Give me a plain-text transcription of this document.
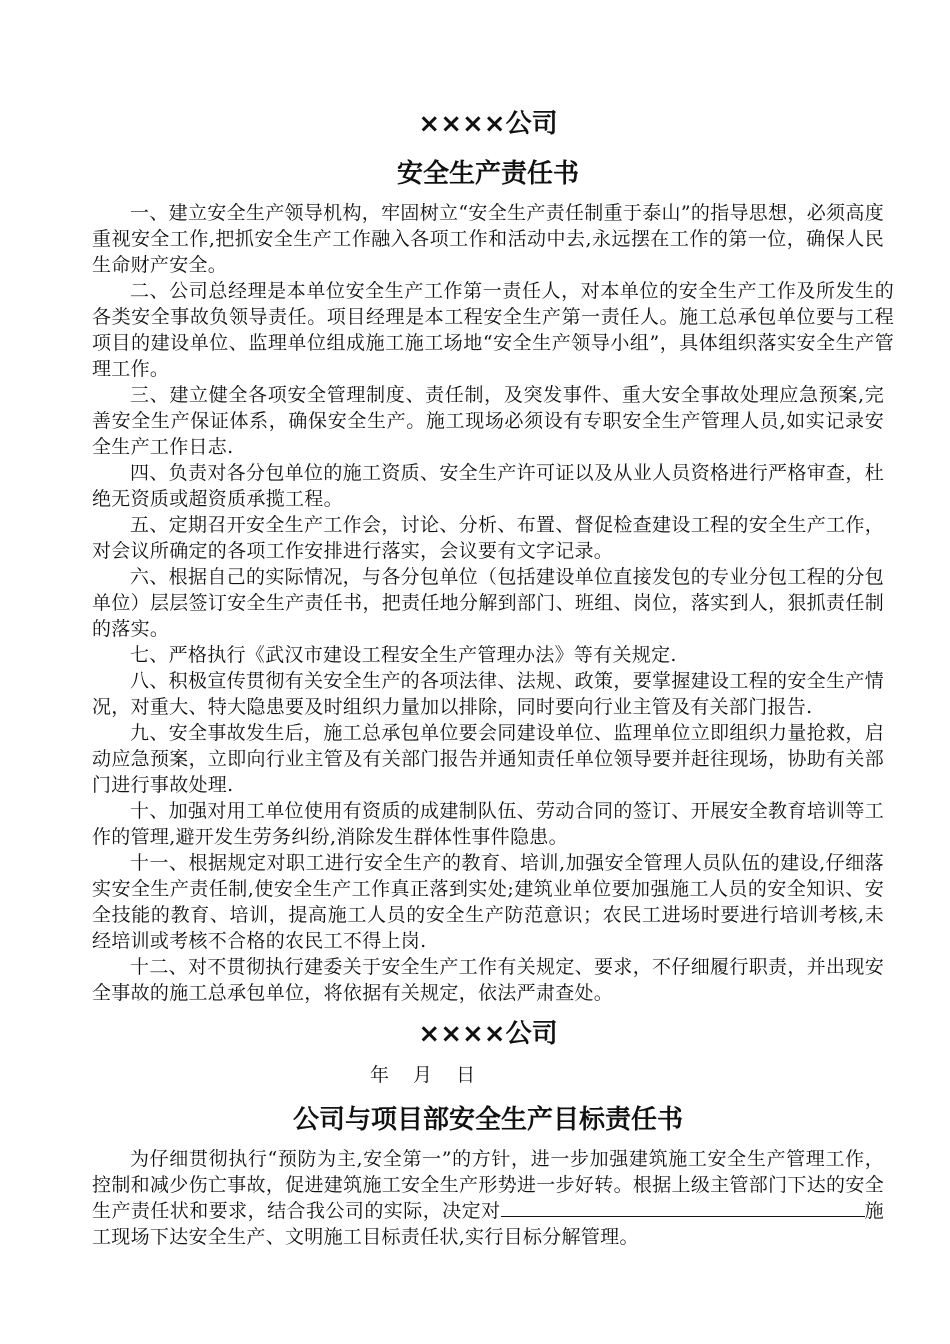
××××公司

安全生产责任书

一、建立安全生产领导机构，牢固树立“安全生产责任制重于泰山”的指导思想，必须高度重视安全工作,把抓安全生产工作融入各项工作和活动中去,永远摆在工作的第一位，确保人民生命财产安全。

二、公司总经理是本单位安全生产工作第一责任人，对本单位的安全生产工作及所发生的各类安全事故负领导责任。项目经理是本工程安全生产第一责任人。施工总承包单位要与工程项目的建设单位、监理单位组成施工施工场地“安全生产领导小组”，具体组织落实安全生产管理工作。

三、建立健全各项安全管理制度、责任制，及突发事件、重大安全事故处理应急预案,完善安全生产保证体系，确保安全生产。施工现场必须设有专职安全生产管理人员,如实记录安全生产工作日志.

四、负责对各分包单位的施工资质、安全生产许可证以及从业人员资格进行严格审查，杜绝无资质或超资质承揽工程。

五、定期召开安全生产工作会，讨论、分析、布置、督促检查建设工程的安全生产工作，对会议所确定的各项工作安排进行落实，会议要有文字记录。

六、根据自己的实际情况，与各分包单位（包括建设单位直接发包的专业分包工程的分包单位）层层签订安全生产责任书，把责任地分解到部门、班组、岗位，落实到人，狠抓责任制的落实。

七、严格执行《武汉市建设工程安全生产管理办法》等有关规定.

八、积极宣传贯彻有关安全生产的各项法律、法规、政策，要掌握建设工程的安全生产情况，对重大、特大隐患要及时组织力量加以排除，同时要向行业主管及有关部门报告.

九、安全事故发生后，施工总承包单位要会同建设单位、监理单位立即组织力量抢救，启动应急预案，立即向行业主管及有关部门报告并通知责任单位领导要并赶往现场，协助有关部门进行事故处理.

十、加强对用工单位使用有资质的成建制队伍、劳动合同的签订、开展安全教育培训等工作的管理,避开发生劳务纠纷,消除发生群体性事件隐患。

十一、根据规定对职工进行安全生产的教育、培训,加强安全管理人员队伍的建设,仔细落实安全生产责任制,使安全生产工作真正落到实处;建筑业单位要加强施工人员的安全知识、安全技能的教育、培训，提高施工人员的安全生产防范意识；农民工进场时要进行培训考核,未经培训或考核不合格的农民工不得上岗.

十二、对不贯彻执行建委关于安全生产工作有关规定、要求，不仔细履行职责，并出现安全事故的施工总承包单位，将依据有关规定，依法严肃查处。

××××公司

年 月 日

公司与项目部安全生产目标责任书

为仔细贯彻执行“预防为主,安全第一”的方针，进一步加强建筑施工安全生产管理工作，控制和减少伤亡事故，促进建筑施工安全生产形势进一步好转。根据上级主管部门下达的安全生产责任状和要求，结合我公司的实际，决定对	施工现场下达安全生产、文明施工目标责任状,实行目标分解管理。
